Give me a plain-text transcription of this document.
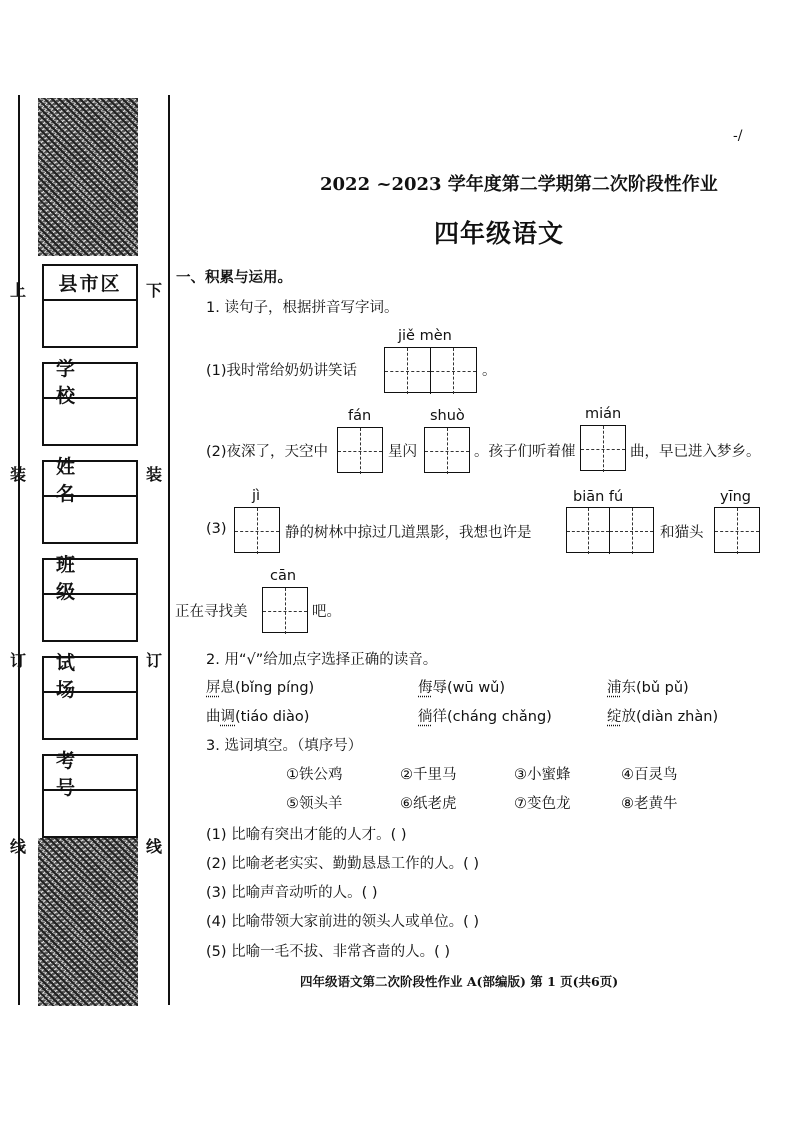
-/
上
装
订
线
下
装
订
线
县市区
学 校
姓 名
班 级
试 场
考 号
2022 ~2023 学年度第二学期第二次阶段性作业
四年级语文
一、积累与运用。
1. 读句子，根据拼音写字词。
jiě mèn
(1)我时常给奶奶讲笑话	。
(2)夜深了，天空中
fán
星闪
shuò
。孩子们听着催
mián
曲，早已进入梦乡。
(3)
jì
静的树林中掠过几道黑影，我想也许是
biān fú
和猫头
yīng
正在寻找美
cān
吧。
2. 用“√”给加点字选择正确的读音。
屏息(bǐng píng)	侮辱(wū wǔ)	浦东(bǔ pǔ)
曲调(tiáo diào)	徜徉(cháng chǎng)	绽放(diàn zhàn)
3. 选词填空。（填序号）
①铁公鸡	②千里马	③小蜜蜂	④百灵鸟
⑤领头羊	⑥纸老虎	⑦变色龙	⑧老黄牛
(1) 比喻有突出才能的人才。( )
(2) 比喻老老实实、勤勤恳恳工作的人。( )
(3) 比喻声音动听的人。( )
(4) 比喻带领大家前进的领头人或单位。( )
(5) 比喻一毛不拔、非常吝啬的人。( )
四年级语文第二次阶段性作业 A(部编版) 第 1 页(共6页)
